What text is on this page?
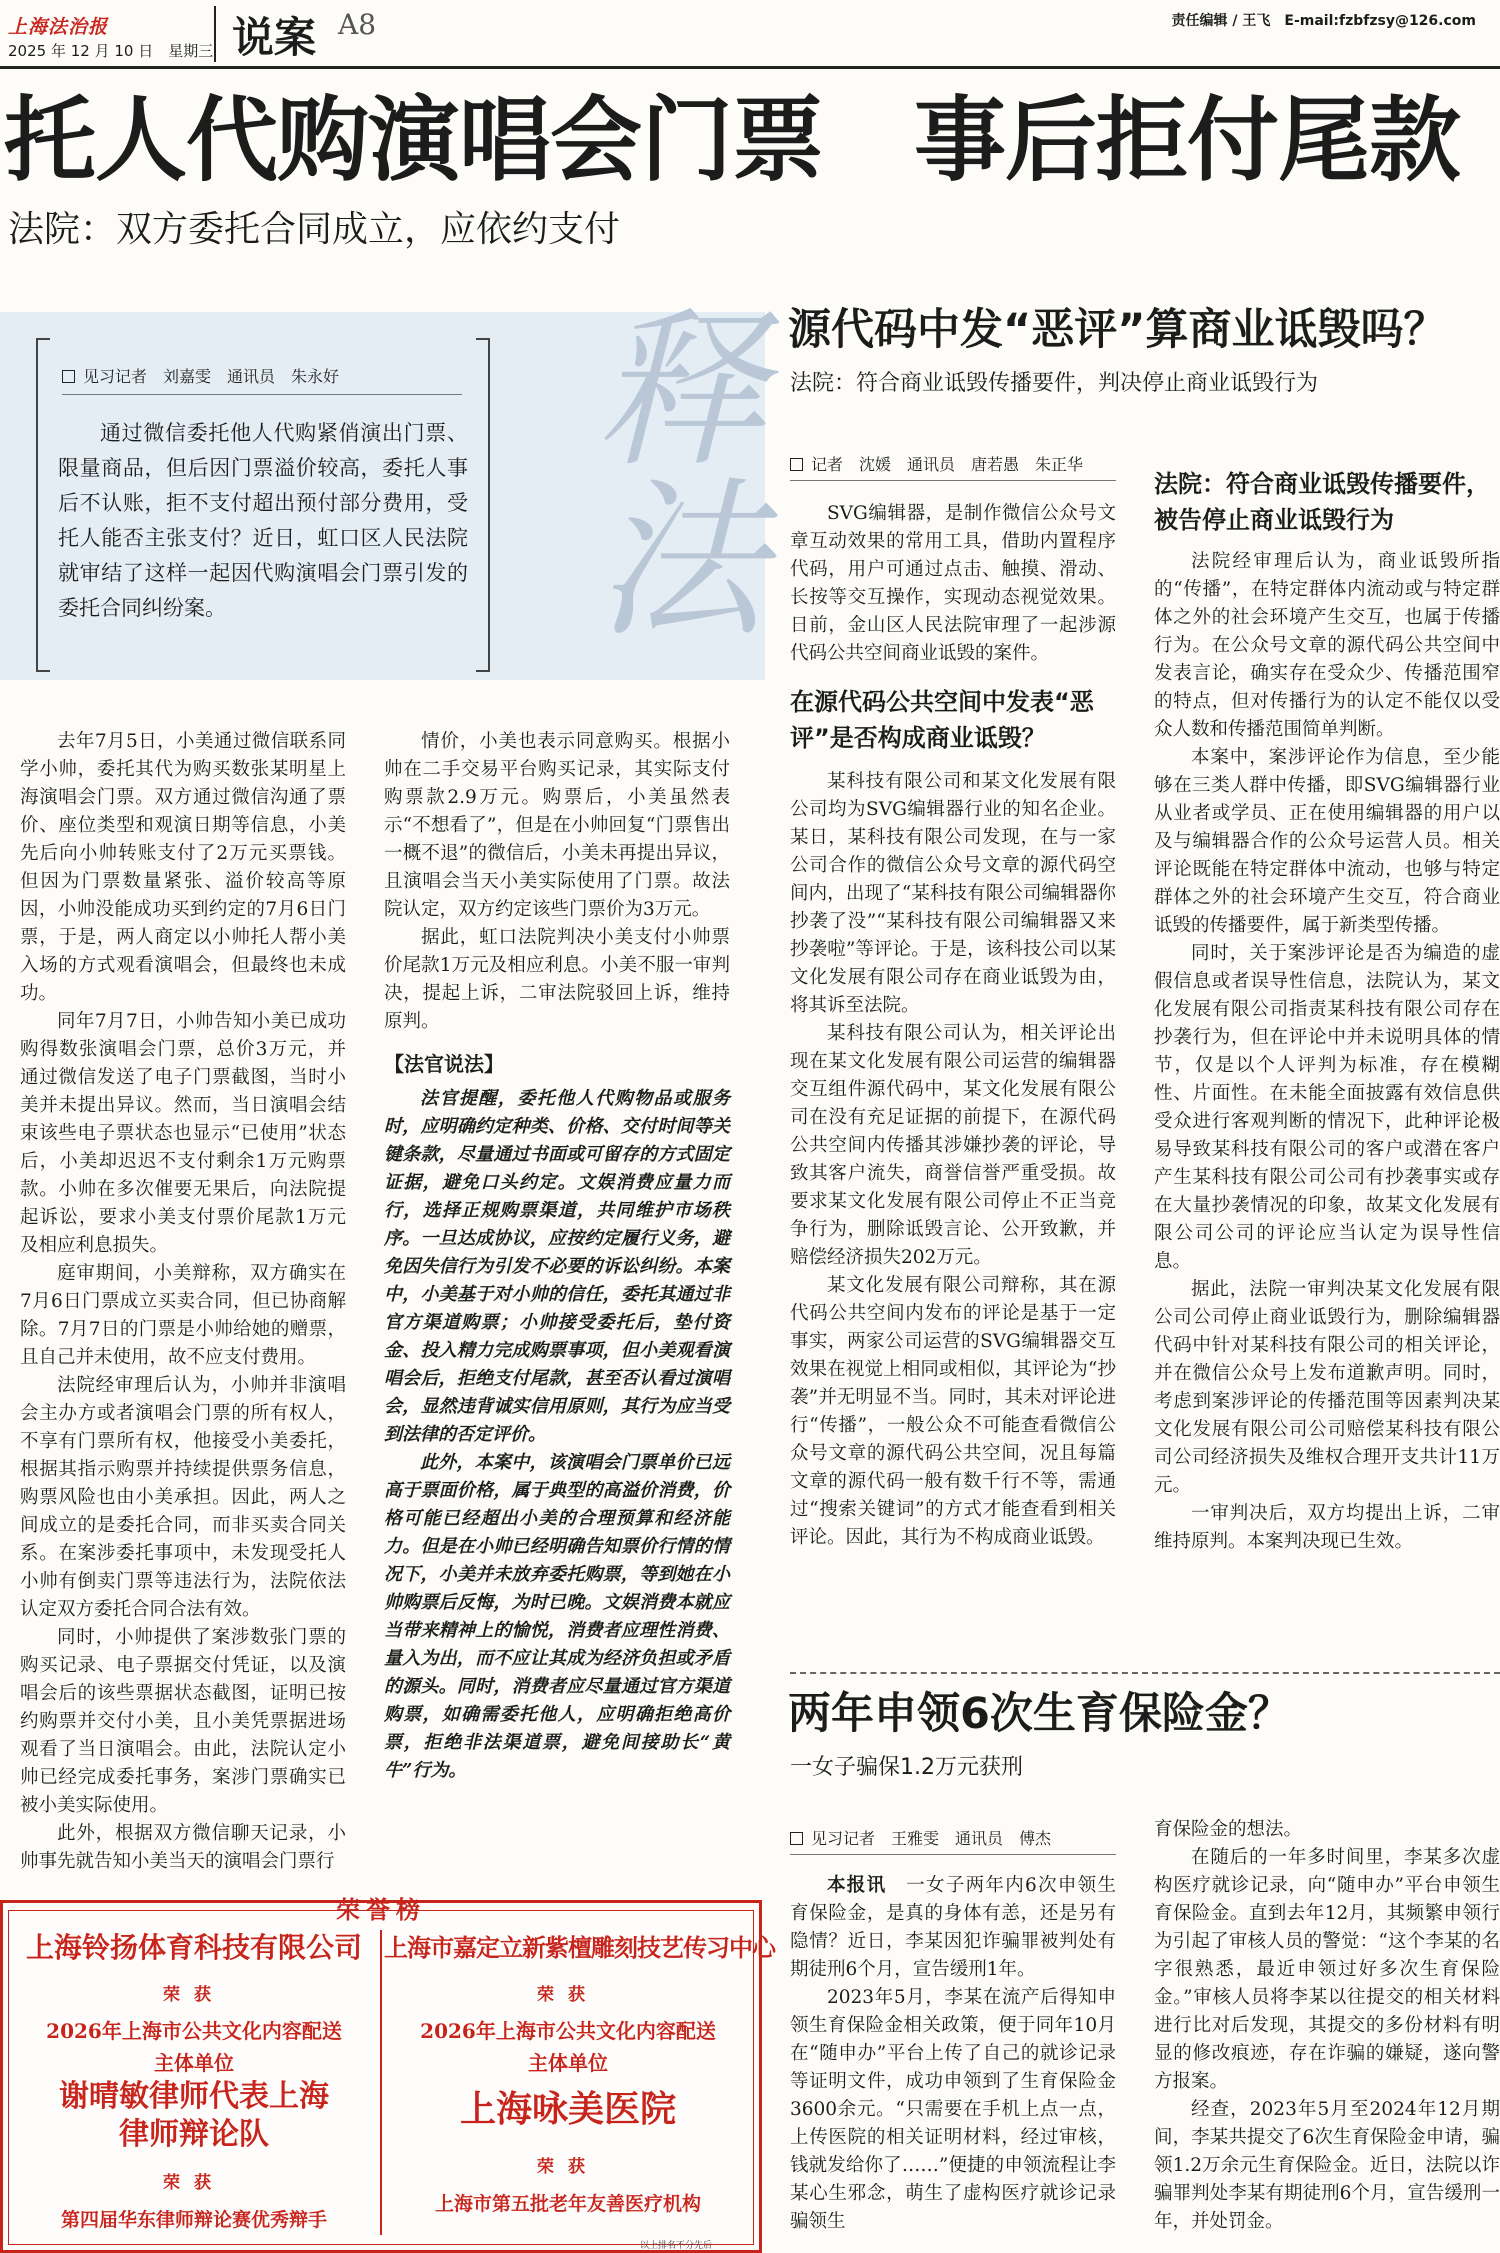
上海法治报
2025 年 12 月 10 日　星期三 说案 A8	责任编辑 / 王飞　E-mail:fzbfzsy@126.com
托人代购演唱会门票　事后拒付尾款
法院：双方委托合同成立，应依约支付
释法
见习记者　刘嘉雯　通讯员　朱永好

通过微信委托他人代购紧俏演出门票、限量商品，但后因门票溢价较高，委托人事后不认账，拒不支付超出预付部分费用，受托人能否主张支付？近日，虹口区人民法院就审结了这样一起因代购演唱会门票引发的委托合同纠纷案。

去年7月5日，小美通过微信联系同学小帅，委托其代为购买数张某明星上海演唱会门票。双方通过微信沟通了票价、座位类型和观演日期等信息，小美先后向小帅转账支付了2万元买票钱。但因为门票数量紧张、溢价较高等原因，小帅没能成功买到约定的7月6日门票，于是，两人商定以小帅托人帮小美入场的方式观看演唱会，但最终也未成功。

同年7月7日，小帅告知小美已成功购得数张演唱会门票，总价3万元，并通过微信发送了电子门票截图，当时小美并未提出异议。然而，当日演唱会结束该些电子票状态也显示“已使用”状态后，小美却迟迟不支付剩余1万元购票款。小帅在多次催要无果后，向法院提起诉讼，要求小美支付票价尾款1万元及相应利息损失。

庭审期间，小美辩称，双方确实在7月6日门票成立买卖合同，但已协商解除。7月7日的门票是小帅给她的赠票，且自己并未使用，故不应支付费用。

法院经审理后认为，小帅并非演唱会主办方或者演唱会门票的所有权人，不享有门票所有权，他接受小美委托，根据其指示购票并持续提供票务信息，购票风险也由小美承担。因此，两人之间成立的是委托合同，而非买卖合同关系。在案涉委托事项中，未发现受托人小帅有倒卖门票等违法行为，法院依法认定双方委托合同合法有效。

同时，小帅提供了案涉数张门票的购买记录、电子票据交付凭证，以及演唱会后的该些票据状态截图，证明已按约购票并交付小美，且小美凭票据进场观看了当日演唱会。由此，法院认定小帅已经完成委托事务，案涉门票确实已被小美实际使用。

此外，根据双方微信聊天记录，小帅事先就告知小美当天的演唱会门票行

情价，小美也表示同意购买。根据小帅在二手交易平台购买记录，其实际支付购票款2.9万元。购票后，小美虽然表示“不想看了”，但是在小帅回复“门票售出一概不退”的微信后，小美未再提出异议，且演唱会当天小美实际使用了门票。故法院认定，双方约定该些门票价为3万元。

据此，虹口法院判决小美支付小帅票价尾款1万元及相应利息。小美不服一审判决，提起上诉，二审法院驳回上诉，维持原判。

【法官说法】

法官提醒，委托他人代购物品或服务时，应明确约定种类、价格、交付时间等关键条款，尽量通过书面或可留存的方式固定证据，避免口头约定。文娱消费应量力而行，选择正规购票渠道，共同维护市场秩序。一旦达成协议，应按约定履行义务，避免因失信行为引发不必要的诉讼纠纷。本案中，小美基于对小帅的信任，委托其通过非官方渠道购票；小帅接受委托后，垫付资金、投入精力完成购票事项，但小美观看演唱会后，拒绝支付尾款，甚至否认看过演唱会，显然违背诚实信用原则，其行为应当受到法律的否定评价。

此外，本案中，该演唱会门票单价已远高于票面价格，属于典型的高溢价消费，价格可能已经超出小美的合理预算和经济能力。但是在小帅已经明确告知票价行情的情况下，小美并未放弃委托购票，等到她在小帅购票后反悔，为时已晚。文娱消费本就应当带来精神上的愉悦，消费者应理性消费、量入为出，而不应让其成为经济负担或矛盾的源头。同时，消费者应尽量通过官方渠道购票，如确需委托他人，应明确拒绝高价票，拒绝非法渠道票，避免间接助长“黄牛”行为。

源代码中发“恶评”算商业诋毁吗？
法院：符合商业诋毁传播要件，判决停止商业诋毁行为
记者　沈媛　通讯员　唐若愚　朱正华

SVG编辑器，是制作微信公众号文章互动效果的常用工具，借助内置程序代码，用户可通过点击、触摸、滑动、长按等交互操作，实现动态视觉效果。日前，金山区人民法院审理了一起涉源代码公共空间商业诋毁的案件。

在源代码公共空间中发表“恶评”是否构成商业诋毁？

某科技有限公司和某文化发展有限公司均为SVG编辑器行业的知名企业。某日，某科技有限公司发现，在与一家公司合作的微信公众号文章的源代码空间内，出现了“某科技有限公司编辑器你抄袭了没”“某科技有限公司编辑器又来抄袭啦”等评论。于是，该科技公司以某文化发展有限公司存在商业诋毁为由，将其诉至法院。

某科技有限公司认为，相关评论出现在某文化发展有限公司运营的编辑器交互组件源代码中，某文化发展有限公司在没有充足证据的前提下，在源代码公共空间内传播其涉嫌抄袭的评论，导致其客户流失，商誉信誉严重受损。故要求某文化发展有限公司停止不正当竞争行为，删除诋毁言论、公开致歉，并赔偿经济损失202万元。

某文化发展有限公司辩称，其在源代码公共空间内发布的评论是基于一定事实，两家公司运营的SVG编辑器交互效果在视觉上相同或相似，其评论为“抄袭”并无明显不当。同时，其未对评论进行“传播”，一般公众不可能查看微信公众号文章的源代码公共空间，况且每篇文章的源代码一般有数千行不等，需通过“搜索关键词”的方式才能查看到相关评论。因此，其行为不构成商业诋毁。

法院：符合商业诋毁传播要件，被告停止商业诋毁行为

法院经审理后认为，商业诋毁所指的“传播”，在特定群体内流动或与特定群体之外的社会环境产生交互，也属于传播行为。在公众号文章的源代码公共空间中发表言论，确实存在受众少、传播范围窄的特点，但对传播行为的认定不能仅以受众人数和传播范围简单判断。

本案中，案涉评论作为信息，至少能够在三类人群中传播，即SVG编辑器行业从业者或学员、正在使用编辑器的用户以及与编辑器合作的公众号运营人员。相关评论既能在特定群体中流动，也够与特定群体之外的社会环境产生交互，符合商业诋毁的传播要件，属于新类型传播。

同时，关于案涉评论是否为编造的虚假信息或者误导性信息，法院认为，某文化发展有限公司指责某科技有限公司存在抄袭行为，但在评论中并未说明具体的情节，仅是以个人评判为标准，存在模糊性、片面性。在未能全面披露有效信息供受众进行客观判断的情况下，此种评论极易导致某科技有限公司的客户或潜在客户产生某科技有限公司公司有抄袭事实或存在大量抄袭情况的印象，故某文化发展有限公司公司的评论应当认定为误导性信息。

据此，法院一审判决某文化发展有限公司公司停止商业诋毁行为，删除编辑器代码中针对某科技有限公司的相关评论，并在微信公众号上发布道歉声明。同时，考虑到案涉评论的传播范围等因素判决某文化发展有限公司公司赔偿某科技有限公司公司经济损失及维权合理开支共计11万元。

一审判决后，双方均提出上诉，二审维持原判。本案判决现已生效。

两年申领6次生育保险金？
一女子骗保1.2万元获刑
见习记者　王雅雯　通讯员　傅杰

本报讯　 一女子两年内6次申领生育保险金，是真的身体有恙，还是另有隐情？近日，李某因犯诈骗罪被判处有期徒刑6个月，宣告缓刑1年。

2023年5月，李某在流产后得知申领生育保险金相关政策，便于同年10月在“随申办”平台上传了自己的就诊记录等证明文件，成功申领到了生育保险金3600余元。“只需要在手机上点一点，上传医院的相关证明材料，经过审核，钱就发给你了……”便捷的申领流程让李某心生邪念，萌生了虚构医疗就诊记录骗领生

育保险金的想法。

在随后的一年多时间里，李某多次虚构医疗就诊记录，向“随申办”平台申领生育保险金。直到去年12月，其频繁申领行为引起了审核人员的警觉：“这个李某的名字很熟悉，最近申领过好多次生育保险金。”审核人员将李某以往提交的相关材料进行比对后发现，其提交的多份材料有明显的修改痕迹，存在诈骗的嫌疑，遂向警方报案。

经查，2023年5月至2024年12月期间，李某共提交了6次生育保险金申请，骗领1.2万余元生育保险金。近日，法院以诈骗罪判处李某有期徒刑6个月，宣告缓刑一年，并处罚金。

荣誉榜
上海铃扬体育科技有限公司
荣获
2026年上海市公共文化内容配送主体单位
上海市嘉定立新紫檀雕刻技艺传习中心
荣获
2026年上海市公共文化内容配送主体单位
谢晴敏律师代表上海律师辩论队
荣获
第四届华东律师辩论赛优秀辩手
上海咏美医院
荣获
上海市第五批老年友善医疗机构
以上排名不分先后
